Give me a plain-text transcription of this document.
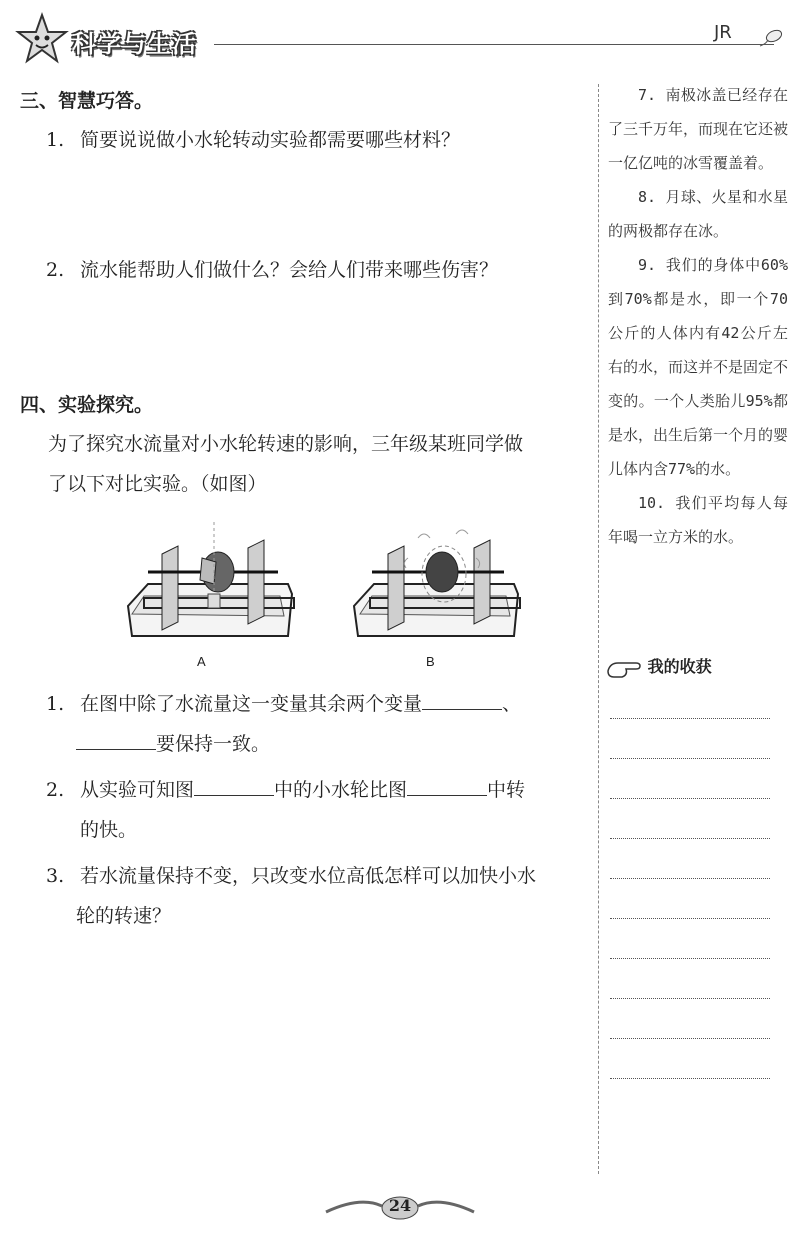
科学与生活	JR
三、智慧巧答。
1. 简要说说做小水轮转动实验都需要哪些材料？
2. 流水能帮助人们做什么？会给人们带来哪些伤害？
四、实验探究。
为了探究水流量对小水轮转速的影响，三年级某班同学做
了以下对比实验。（如图）
A	B
1. 在图中除了水流量这一变量其余两个变量	、
要保持一致。
2. 从实验可知图	中的小水轮比图	中转
的快。
3. 若水流量保持不变，只改变水位高低怎样可以加快小水
轮的转速？

7. 南极冰盖已经存在了三千万年，而现在它还被一亿亿吨的冰雪覆盖着。

8. 月球、火星和水星的两极都存在冰。

9. 我们的身体中60%到70%都是水，即一个70公斤的人体内有42公斤左右的水，而这并不是固定不变的。一个人类胎儿95%都是水，出生后第一个月的婴儿体内含77%的水。

10. 我们平均每人每年喝一立方米的水。

我的收获
24
